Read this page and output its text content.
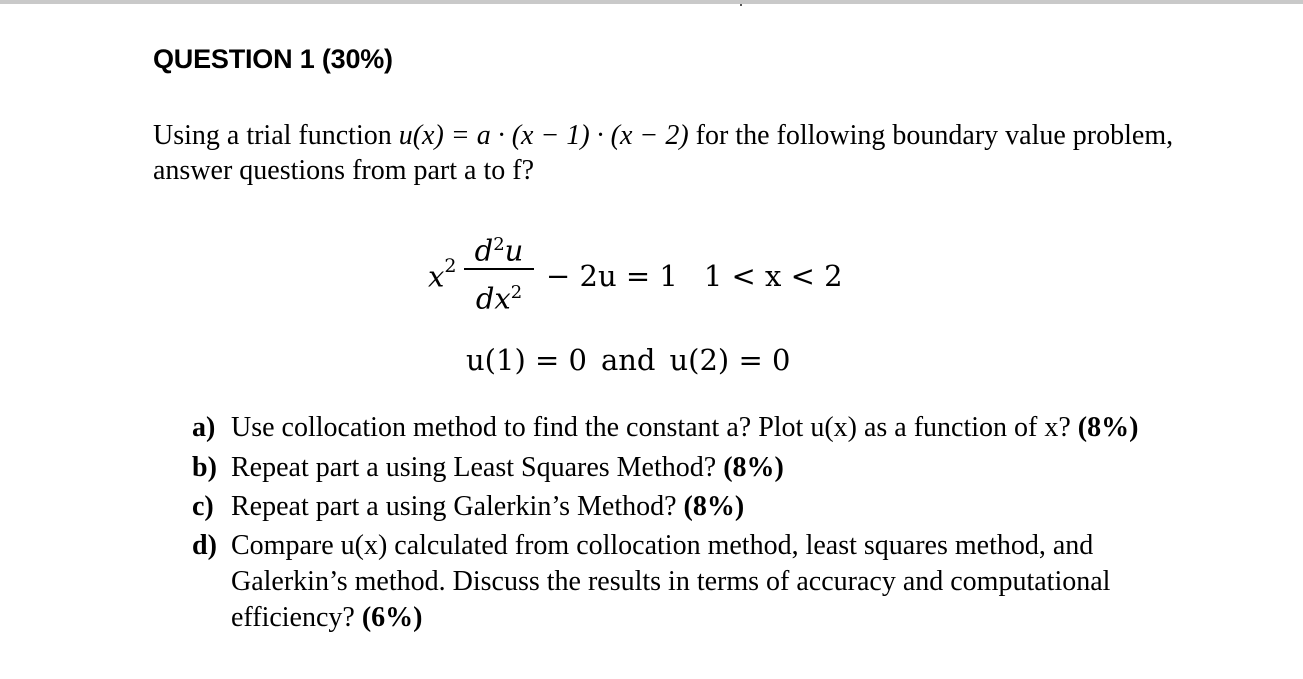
QUESTION 1 (30%)

Using a trial function u(x) = a · (x − 1) · (x − 2) for the following boundary value problem, answer questions from part a to f?

$x^2$ $d^2u$
$dx^2 - 2u = 1$ 1 < x < 2
u(1) = 0 and u(2) = 0
a) Use collocation method to find the constant a? Plot u(x) as a function of x? (8%)
b) Repeat part a using Least Squares Method? (8%)
c) Repeat part a using Galerkin’s Method? (8%)
d) Compare u(x) calculated from collocation method, least squares method, and Galerkin’s method. Discuss the results in terms of accuracy and computational efficiency? (6%)
